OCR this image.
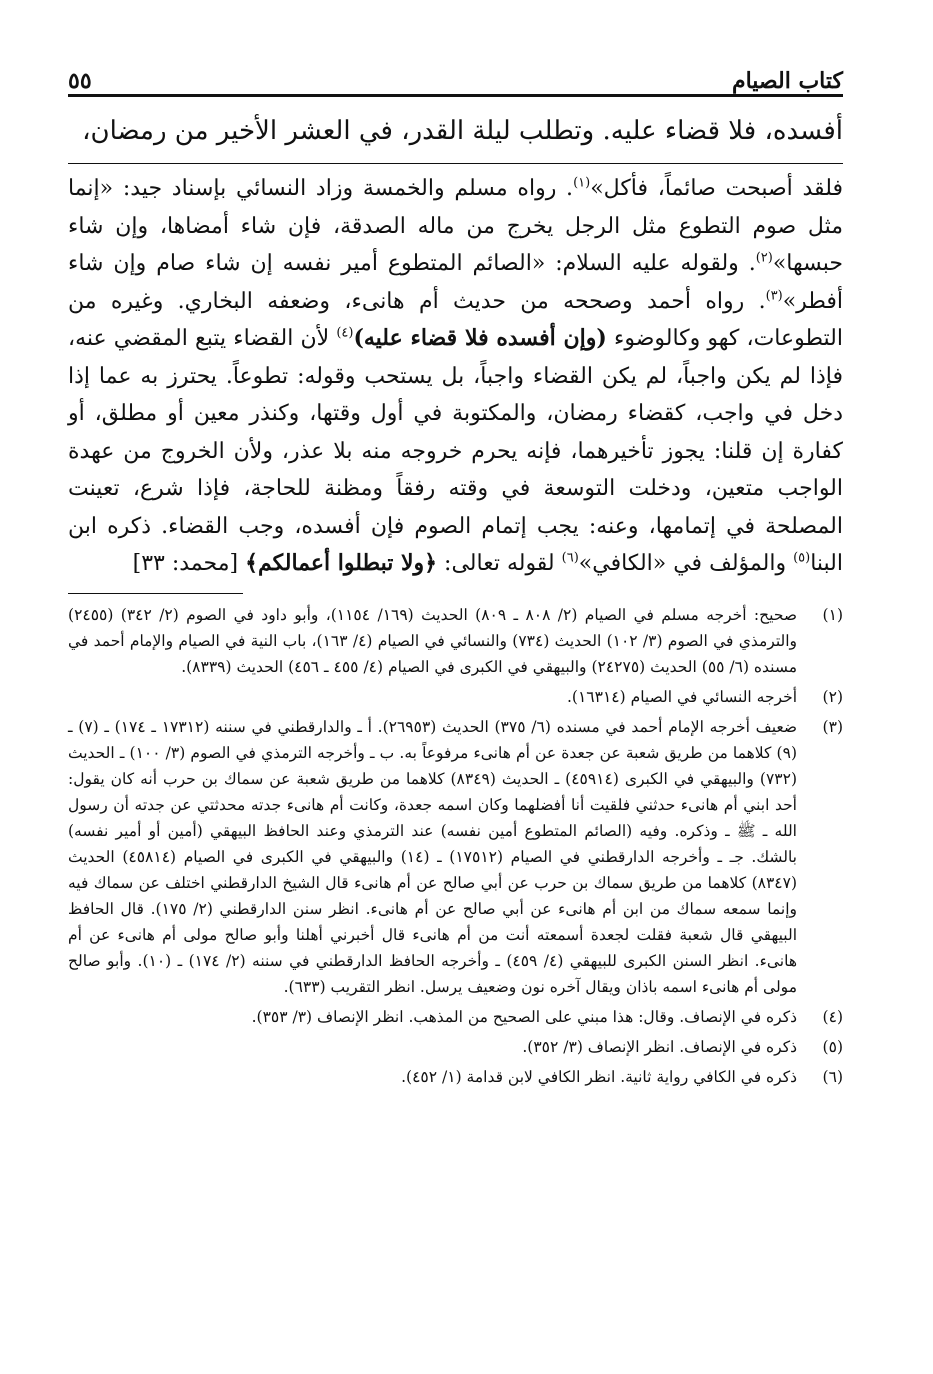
كتاب الصيام
٥٥
أفسده، فلا قضاء عليه. وتطلب ليلة القدر، في العشر الأخير من رمضان،

فلقد أصبحت صائماً، فأكل»$^{(١)}$. رواه مسلم والخمسة وزاد النسائي بإسناد جيد: «إنما مثل صوم التطوع مثل الرجل يخرج من ماله الصدقة، فإن شاء أمضاها، وإن شاء حبسها»$^{(٢)}$. ولقوله عليه السلام: «الصائم المتطوع أمير نفسه إن شاء صام وإن شاء أفطر»$^{(٣)}$. رواه أحمد وصححه من حديث أم هانىء، وضعفه البخاري. وغيره من التطوعات، كهو وكالوضوء (وإن أفسده فلا قضاء عليه)$^{(٤)}$ لأن القضاء يتبع المقضي عنه، فإذا لم يكن واجباً، لم يكن القضاء واجباً، بل يستحب وقوله: تطوعاً. يحترز به عما إذا دخل في واجب، كقضاء رمضان، والمكتوبة في أول وقتها، وكنذر معين أو مطلق، أو كفارة إن قلنا: يجوز تأخيرهما، فإنه يحرم خروجه منه بلا عذر، ولأن الخروج من عهدة الواجب متعين، ودخلت التوسعة في وقته رفقاً ومظنة للحاجة، فإذا شرع، تعينت المصلحة في إتمامها، وعنه: يجب إتمام الصوم فإن أفسده، وجب القضاء. ذكره ابن البنا$^{(٥)}$ والمؤلف في «الكافي»$^{(٦)}$ لقوله تعالى: ﴿ولا تبطلوا أعمالكم﴾ [محمد: ٣٣]

(١)
صحيح: أخرجه مسلم في الصيام (٢/ ٨٠٨ ـ ٨٠٩) الحديث (١٦٩/ ١١٥٤)، وأبو داود في الصوم (٢/ ٣٤٢) (٢٤٥٥) والترمذي في الصوم (٣/ ١٠٢) الحديث (٧٣٤) والنسائي في الصيام (٤/ ١٦٣)، باب النية في الصيام والإمام أحمد في مسنده (٦/ ٥٥) الحديث (٢٤٢٧٥) والبيهقي في الكبرى في الصيام (٤/ ٤٥٥ ـ ٤٥٦) الحديث (٨٣٣٩).
(٢)
أخرجه النسائي في الصيام (١٦٣١٤).
(٣)
ضعيف أخرجه الإمام أحمد في مسنده (٦/ ٣٧٥) الحديث (٢٦٩٥٣). أ ـ والدارقطني في سننه (١٧٣١٢ ـ ١٧٤) ـ (٧) ـ (٩) كلاهما من طريق شعبة عن جعدة عن أم هانىء مرفوعاً به. ب ـ وأخرجه الترمذي في الصوم (٣/ ١٠٠) ـ الحديث (٧٣٢) والبيهقي في الكبرى (٤٥٩١٤) ـ الحديث (٨٣٤٩) كلاهما من طريق شعبة عن سماك بن حرب أنه كان يقول: أحد ابني أم هانىء حدثني فلقيت أنا أفضلهما وكان اسمه جعدة، وكانت أم هانىء جدته محدثتي عن جدته أن رسول الله ـ ﷺ ـ وذكره. وفيه (الصائم المتطوع أمين نفسه) عند الترمذي وعند الحافظ البيهقي (أمين أو أمير نفسه) بالشك. جـ ـ وأخرجه الدارقطني في الصيام (١٧٥١٢) ـ (١٤) والبيهقي في الكبرى في الصيام (٤٥٨١٤) الحديث (٨٣٤٧) كلاهما من طريق سماك بن حرب عن أبي صالح عن أم هانىء قال الشيخ الدارقطني اختلف عن سماك فيه وإنما سمعه سماك من ابن أم هانىء عن أبي صالح عن أم هانىء. انظر سنن الدارقطني (٢/ ١٧٥). قال الحافظ البيهقي قال شعبة فقلت لجعدة أسمعته أنت من أم هانىء قال أخبرني أهلنا وأبو صالح مولى أم هانىء عن أم هانىء. انظر السنن الكبرى للبيهقي (٤/ ٤٥٩) ـ وأخرجه الحافظ الدارقطني في سننه (٢/ ١٧٤) ـ (١٠). وأبو صالح مولى أم هانىء اسمه باذان ويقال آخره نون وضعيف يرسل. انظر التقريب (٦٣٣).
(٤)
ذكره في الإنصاف. وقال: هذا مبني على الصحيح من المذهب. انظر الإنصاف (٣/ ٣٥٣).
(٥)
ذكره في الإنصاف. انظر الإنصاف (٣/ ٣٥٢).
(٦)
ذكره في الكافي رواية ثانية. انظر الكافي لابن قدامة (١/ ٤٥٢).
